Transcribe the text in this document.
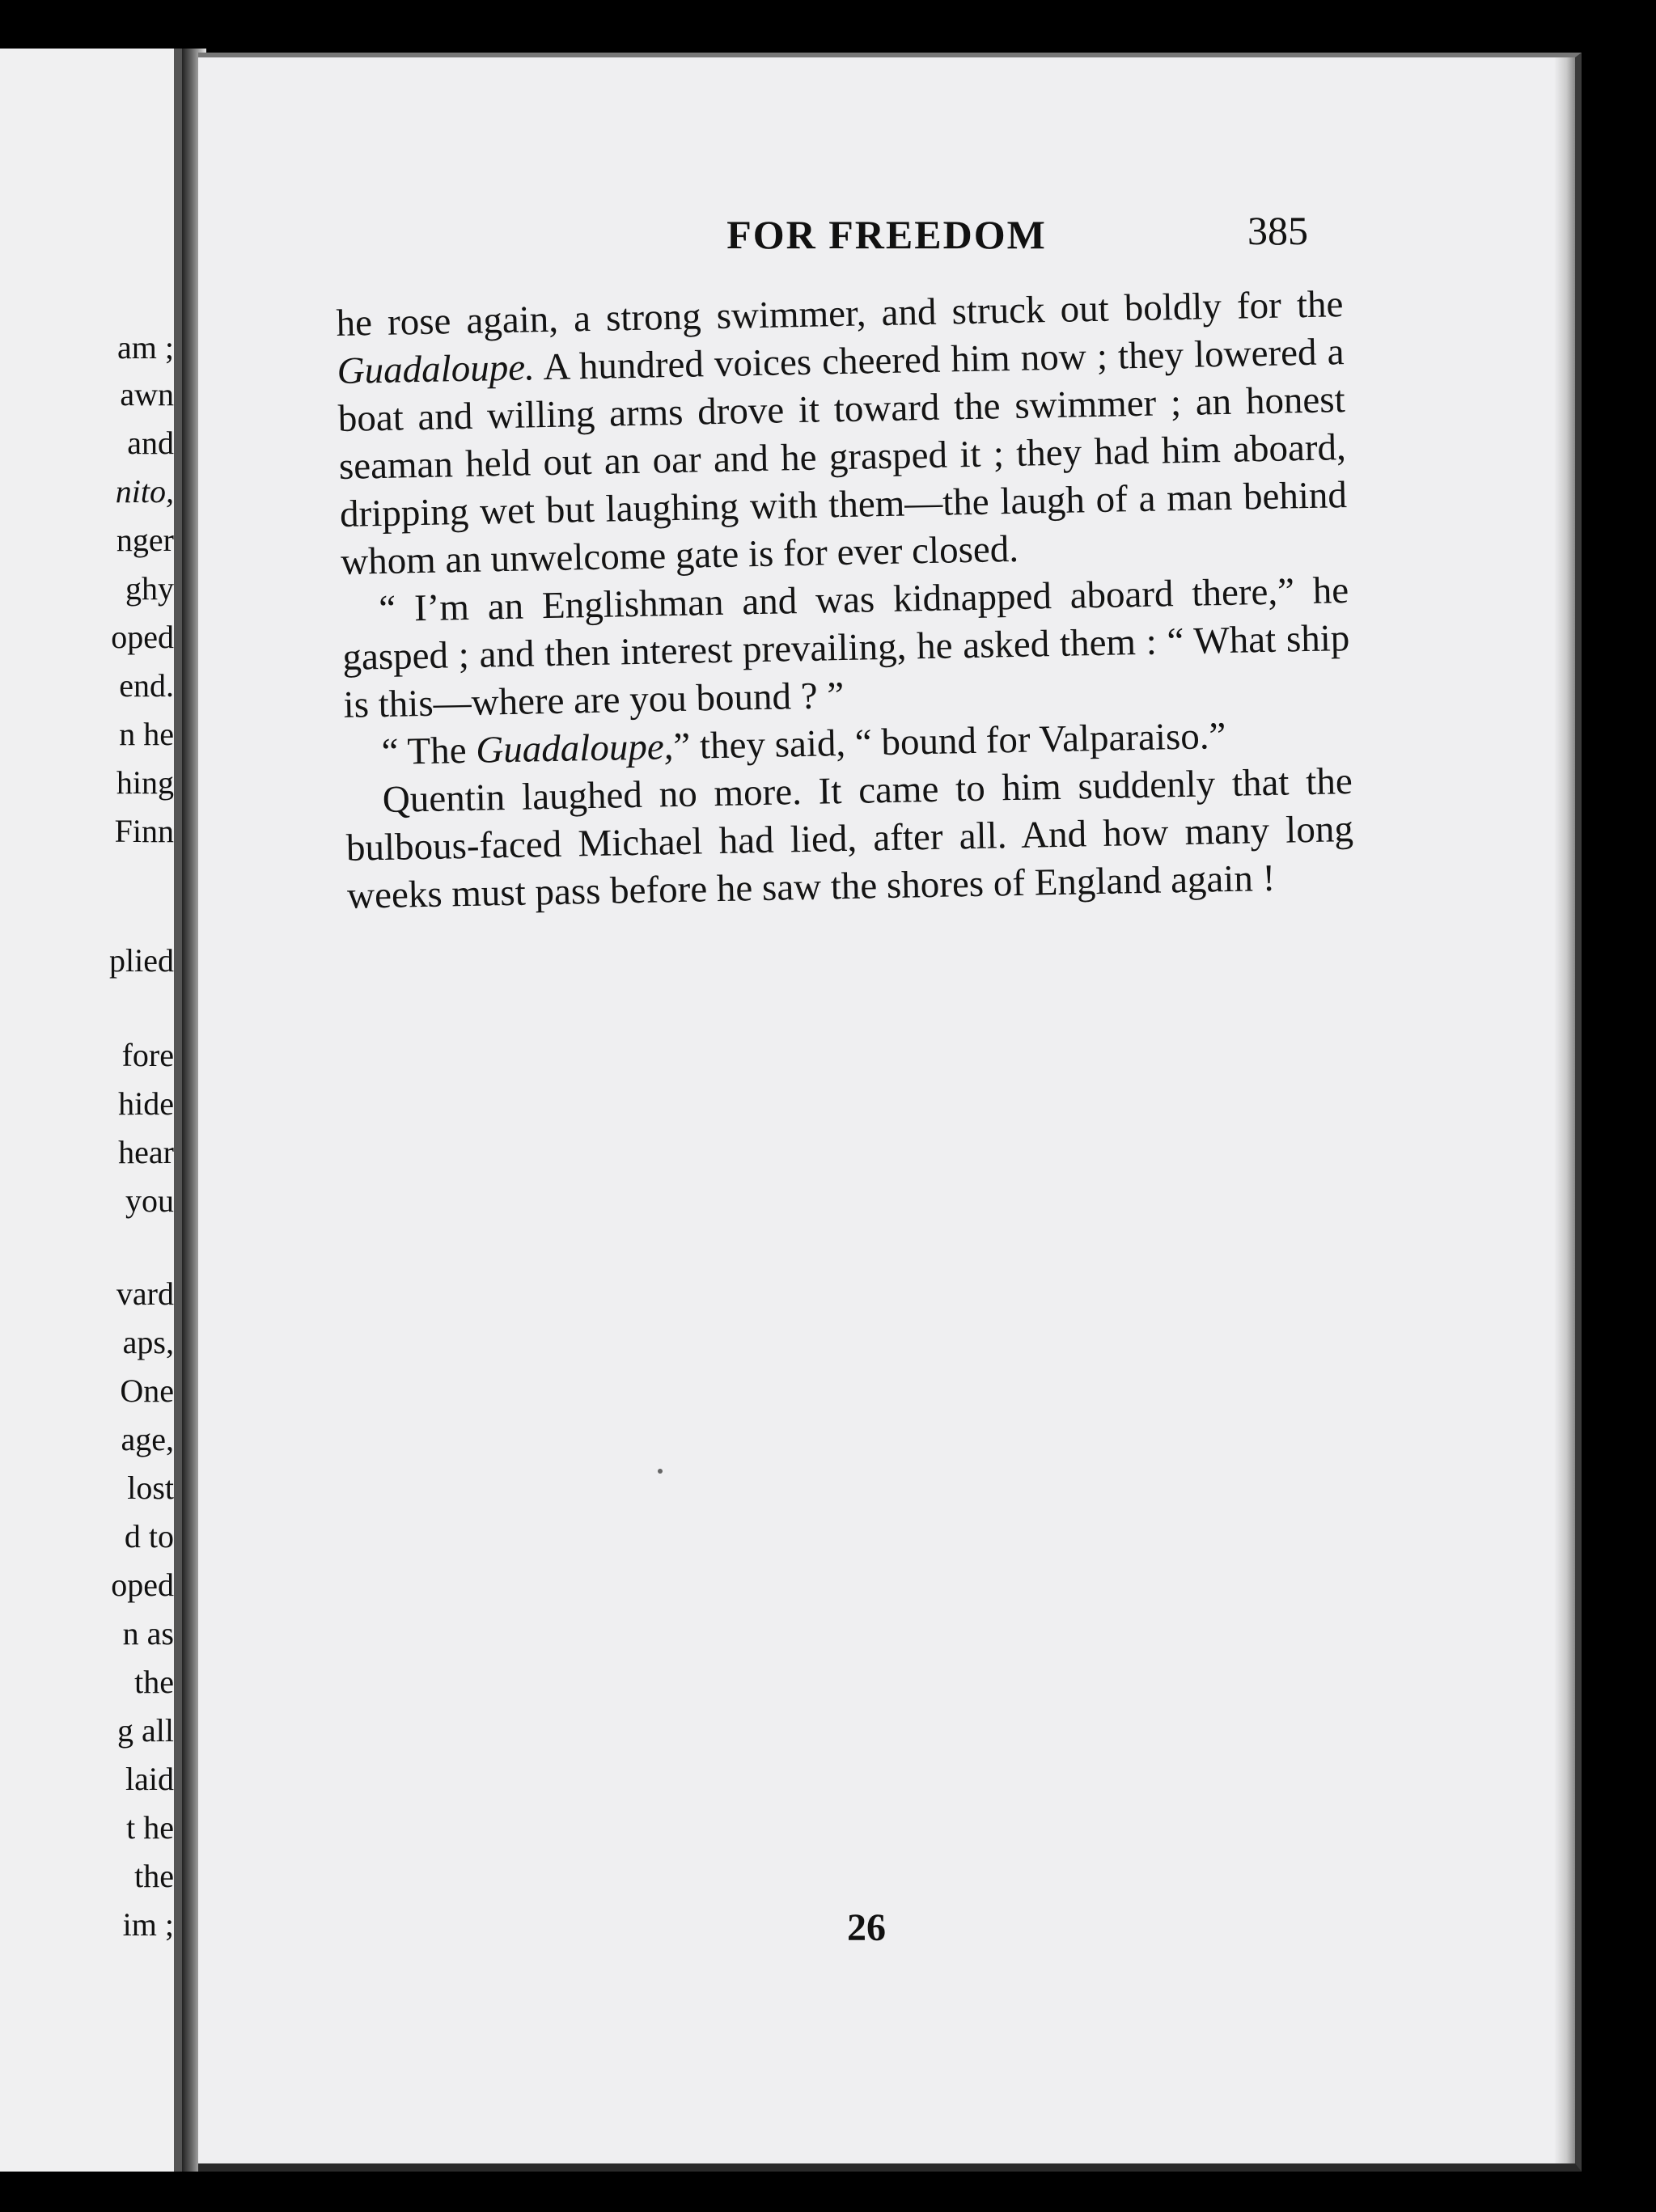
am ;
awn
and
nito,
nger
ghy
oped
end.
n he
hing
Finn
plied
fore
hide
hear
you
vard
aps,
One
age,
lost
d to
oped
n as
the
g all
laid
t he
the
im ;
FOR FREEDOM	385

he rose again, a strong swimmer, and struck out boldly for the Guadaloupe. A hundred voices cheered him now ; they lowered a boat and willing arms drove it toward the swimmer ; an honest seaman held out an oar and he grasped it ; they had him aboard, dripping wet but laughing with them—the laugh of a man behind whom an unwelcome gate is for ever closed.

“ I’m an Englishman and was kidnapped aboard there,” he gasped ; and then interest prevailing, he asked them : “ What ship is this—where are you bound ? ”

“ The Guadaloupe,” they said, “ bound for Valparaiso.”

Quentin laughed no more. It came to him suddenly that the bulbous-faced Michael had lied, after all. And how many long weeks must pass before he saw the shores of England again !

26
